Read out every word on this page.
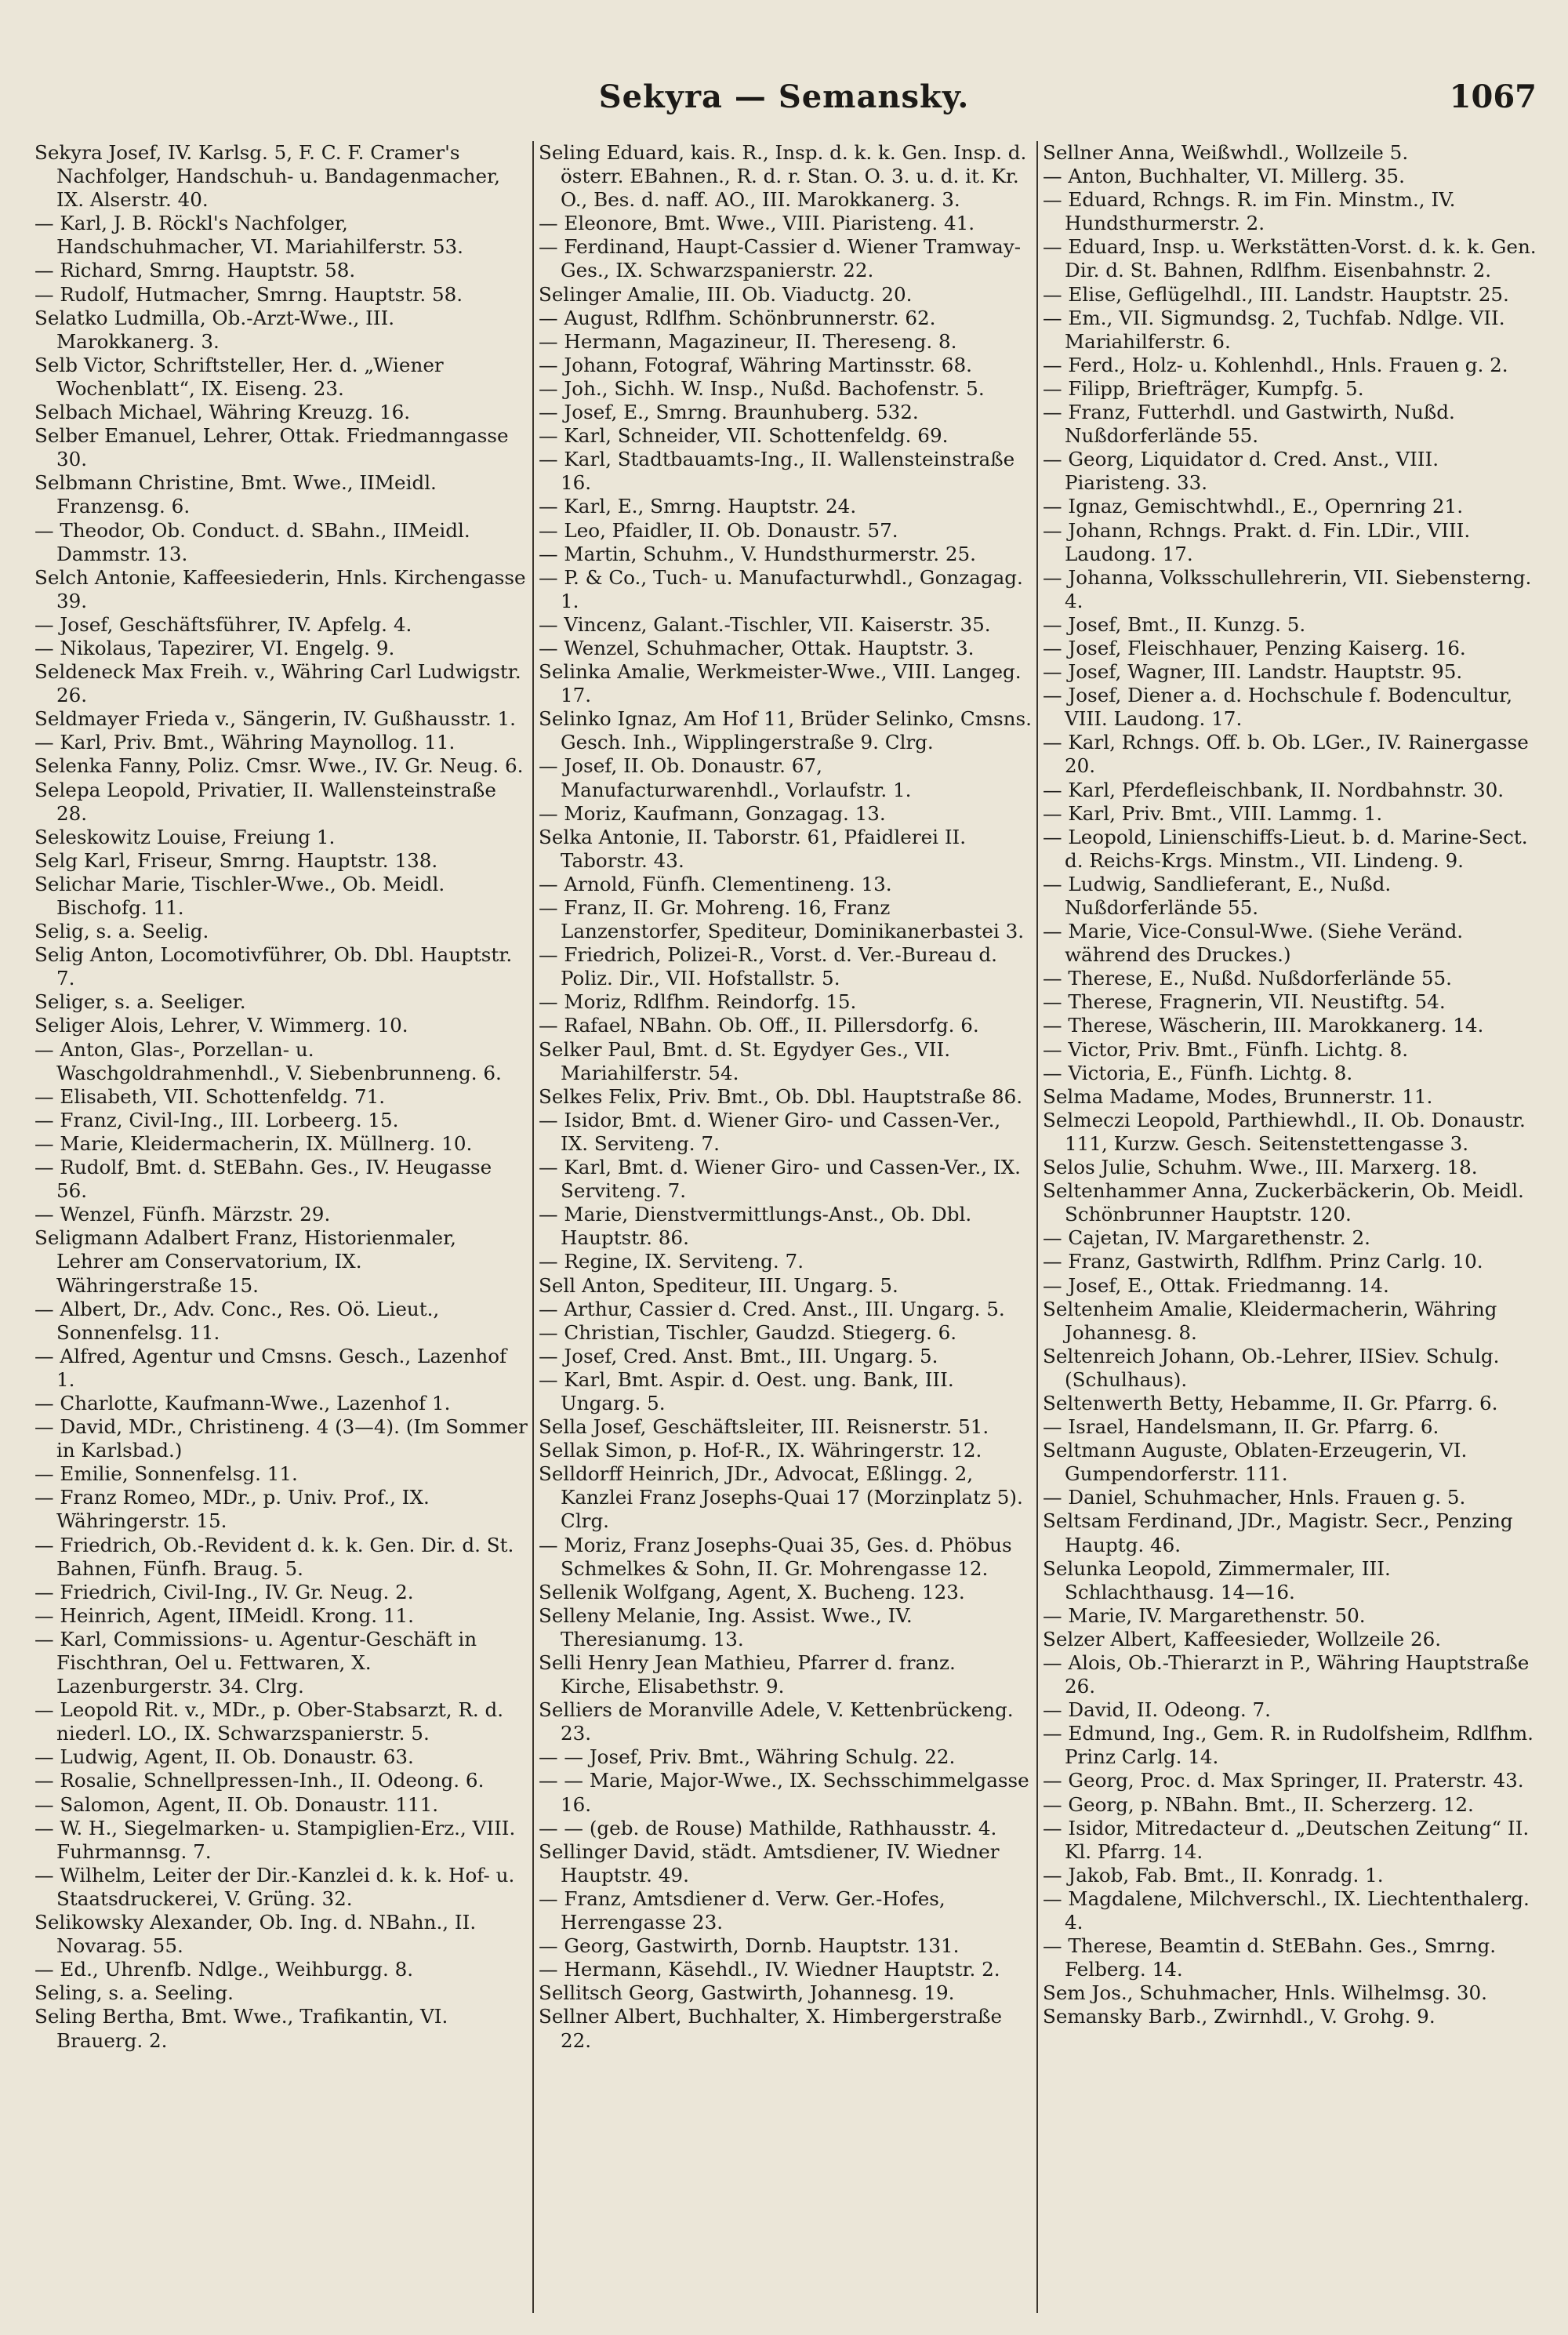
Sekyra — Semansky.	1067
Sekyra Josef, IV. Karlsg. 5, F. C. F. Cramer's Nachfolger, Handschuh- u. Bandagenmacher, IX. Alserstr. 40.
— Karl, J. B. Röckl's Nachfolger, Handschuhmacher, VI. Mariahilferstr. 53.
— Richard, Smrng. Hauptstr. 58.
— Rudolf, Hutmacher, Smrng. Hauptstr. 58.
Selatko Ludmilla, Ob.-Arzt-Wwe., III. Marokkanerg. 3.
Selb Victor, Schriftsteller, Her. d. „Wiener Wochenblatt“, IX. Eiseng. 23.
Selbach Michael, Währing Kreuzg. 16.
Selber Emanuel, Lehrer, Ottak. Friedmanngasse 30.
Selbmann Christine, Bmt. Wwe., IIMeidl. Franzensg. 6.
— Theodor, Ob. Conduct. d. SBahn., IIMeidl. Dammstr. 13.
Selch Antonie, Kaffeesiederin, Hnls. Kirchengasse 39.
— Josef, Geschäftsführer, IV. Apfelg. 4.
— Nikolaus, Tapezirer, VI. Engelg. 9.
Seldeneck Max Freih. v., Währing Carl Ludwigstr. 26.
Seldmayer Frieda v., Sängerin, IV. Gußhausstr. 1.
— Karl, Priv. Bmt., Währing Maynollog. 11.
Selenka Fanny, Poliz. Cmsr. Wwe., IV. Gr. Neug. 6.
Selepa Leopold, Privatier, II. Wallensteinstraße 28.
Seleskowitz Louise, Freiung 1.
Selg Karl, Friseur, Smrng. Hauptstr. 138.
Selichar Marie, Tischler-Wwe., Ob. Meidl. Bischofg. 11.
Selig, s. a. Seelig.
Selig Anton, Locomotivführer, Ob. Dbl. Hauptstr. 7.
Seliger, s. a. Seeliger.
Seliger Alois, Lehrer, V. Wimmerg. 10.
— Anton, Glas-, Porzellan- u. Waschgoldrahmenhdl., V. Siebenbrunneng. 6.
— Elisabeth, VII. Schottenfeldg. 71.
— Franz, Civil-Ing., III. Lorbeerg. 15.
— Marie, Kleidermacherin, IX. Müllnerg. 10.
— Rudolf, Bmt. d. StEBahn. Ges., IV. Heugasse 56.
— Wenzel, Fünfh. Märzstr. 29.
Seligmann Adalbert Franz, Historienmaler, Lehrer am Conservatorium, IX. Währingerstraße 15.
— Albert, Dr., Adv. Conc., Res. Oö. Lieut., Sonnenfelsg. 11.
— Alfred, Agentur und Cmsns. Gesch., Lazenhof 1.
— Charlotte, Kaufmann-Wwe., Lazenhof 1.
— David, MDr., Christineng. 4 (3—4). (Im Sommer in Karlsbad.)
— Emilie, Sonnenfelsg. 11.
— Franz Romeo, MDr., p. Univ. Prof., IX. Währingerstr. 15.
— Friedrich, Ob.-Revident d. k. k. Gen. Dir. d. St. Bahnen, Fünfh. Braug. 5.
— Friedrich, Civil-Ing., IV. Gr. Neug. 2.
— Heinrich, Agent, IIMeidl. Krong. 11.
— Karl, Commissions- u. Agentur-Geschäft in Fischthran, Oel u. Fettwaren, X. Lazenburgerstr. 34. Clrg.
— Leopold Rit. v., MDr., p. Ober-Stabsarzt, R. d. niederl. LO., IX. Schwarzspanierstr. 5.
— Ludwig, Agent, II. Ob. Donaustr. 63.
— Rosalie, Schnellpressen-Inh., II. Odeong. 6.
— Salomon, Agent, II. Ob. Donaustr. 111.
— W. H., Siegelmarken- u. Stampiglien-Erz., VIII. Fuhrmannsg. 7.
— Wilhelm, Leiter der Dir.-Kanzlei d. k. k. Hof- u. Staatsdruckerei, V. Grüng. 32.
Selikowsky Alexander, Ob. Ing. d. NBahn., II. Novarag. 55.
— Ed., Uhrenfb. Ndlge., Weihburgg. 8.
Seling, s. a. Seeling.
Seling Bertha, Bmt. Wwe., Trafikantin, VI. Brauerg. 2.
Seling Eduard, kais. R., Insp. d. k. k. Gen. Insp. d. österr. EBahnen., R. d. r. Stan. O. 3. u. d. it. Kr. O., Bes. d. naff. AO., III. Marokkanerg. 3.
— Eleonore, Bmt. Wwe., VIII. Piaristeng. 41.
— Ferdinand, Haupt-Cassier d. Wiener Tramway-Ges., IX. Schwarzspanierstr. 22.
Selinger Amalie, III. Ob. Viaductg. 20.
— August, Rdlfhm. Schönbrunnerstr. 62.
— Hermann, Magazineur, II. Thereseng. 8.
— Johann, Fotograf, Währing Martinsstr. 68.
— Joh., Sichh. W. Insp., Nußd. Bachofenstr. 5.
— Josef, E., Smrng. Braunhuberg. 532.
— Karl, Schneider, VII. Schottenfeldg. 69.
— Karl, Stadtbauamts-Ing., II. Wallensteinstraße 16.
— Karl, E., Smrng. Hauptstr. 24.
— Leo, Pfaidler, II. Ob. Donaustr. 57.
— Martin, Schuhm., V. Hundsthurmerstr. 25.
— P. & Co., Tuch- u. Manufacturwhdl., Gonzagag. 1.
— Vincenz, Galant.-Tischler, VII. Kaiserstr. 35.
— Wenzel, Schuhmacher, Ottak. Hauptstr. 3.
Selinka Amalie, Werkmeister-Wwe., VIII. Langeg. 17.
Selinko Ignaz, Am Hof 11, Brüder Selinko, Cmsns. Gesch. Inh., Wipplingerstraße 9. Clrg.
— Josef, II. Ob. Donaustr. 67, Manufacturwarenhdl., Vorlaufstr. 1.
— Moriz, Kaufmann, Gonzagag. 13.
Selka Antonie, II. Taborstr. 61, Pfaidlerei II. Taborstr. 43.
— Arnold, Fünfh. Clementineng. 13.
— Franz, II. Gr. Mohreng. 16, Franz Lanzenstorfer, Spediteur, Dominikanerbastei 3.
— Friedrich, Polizei-R., Vorst. d. Ver.-Bureau d. Poliz. Dir., VII. Hofstallstr. 5.
— Moriz, Rdlfhm. Reindorfg. 15.
— Rafael, NBahn. Ob. Off., II. Pillersdorfg. 6.
Selker Paul, Bmt. d. St. Egydyer Ges., VII. Mariahilferstr. 54.
Selkes Felix, Priv. Bmt., Ob. Dbl. Hauptstraße 86.
— Isidor, Bmt. d. Wiener Giro- und Cassen-Ver., IX. Serviteng. 7.
— Karl, Bmt. d. Wiener Giro- und Cassen-Ver., IX. Serviteng. 7.
— Marie, Dienstvermittlungs-Anst., Ob. Dbl. Hauptstr. 86.
— Regine, IX. Serviteng. 7.
Sell Anton, Spediteur, III. Ungarg. 5.
— Arthur, Cassier d. Cred. Anst., III. Ungarg. 5.
— Christian, Tischler, Gaudzd. Stiegerg. 6.
— Josef, Cred. Anst. Bmt., III. Ungarg. 5.
— Karl, Bmt. Aspir. d. Oest. ung. Bank, III. Ungarg. 5.
Sella Josef, Geschäftsleiter, III. Reisnerstr. 51.
Sellak Simon, p. Hof-R., IX. Währingerstr. 12.
Selldorff Heinrich, JDr., Advocat, Eßlingg. 2, Kanzlei Franz Josephs-Quai 17 (Morzinplatz 5). Clrg.
— Moriz, Franz Josephs-Quai 35, Ges. d. Phöbus Schmelkes & Sohn, II. Gr. Mohrengasse 12.
Sellenik Wolfgang, Agent, X. Bucheng. 123.
Selleny Melanie, Ing. Assist. Wwe., IV. Theresianumg. 13.
Selli Henry Jean Mathieu, Pfarrer d. franz. Kirche, Elisabethstr. 9.
Selliers de Moranville Adele, V. Kettenbrückeng. 23.
— — Josef, Priv. Bmt., Währing Schulg. 22.
— — Marie, Major-Wwe., IX. Sechsschimmelgasse 16.
— — (geb. de Rouse) Mathilde, Rathhausstr. 4.
Sellinger David, städt. Amtsdiener, IV. Wiedner Hauptstr. 49.
— Franz, Amtsdiener d. Verw. Ger.-Hofes, Herrengasse 23.
— Georg, Gastwirth, Dornb. Hauptstr. 131.
— Hermann, Käsehdl., IV. Wiedner Hauptstr. 2.
Sellitsch Georg, Gastwirth, Johannesg. 19.
Sellner Albert, Buchhalter, X. Himbergerstraße 22.
Sellner Anna, Weißwhdl., Wollzeile 5.
— Anton, Buchhalter, VI. Millerg. 35.
— Eduard, Rchngs. R. im Fin. Minstm., IV. Hundsthurmerstr. 2.
— Eduard, Insp. u. Werkstätten-Vorst. d. k. k. Gen. Dir. d. St. Bahnen, Rdlfhm. Eisenbahnstr. 2.
— Elise, Geflügelhdl., III. Landstr. Hauptstr. 25.
— Em., VII. Sigmundsg. 2, Tuchfab. Ndlge. VII. Mariahilferstr. 6.
— Ferd., Holz- u. Kohlenhdl., Hnls. Frauen g. 2.
— Filipp, Briefträger, Kumpfg. 5.
— Franz, Futterhdl. und Gastwirth, Nußd. Nußdorferlände 55.
— Georg, Liquidator d. Cred. Anst., VIII. Piaristeng. 33.
— Ignaz, Gemischtwhdl., E., Opernring 21.
— Johann, Rchngs. Prakt. d. Fin. LDir., VIII. Laudong. 17.
— Johanna, Volksschullehrerin, VII. Siebensterng. 4.
— Josef, Bmt., II. Kunzg. 5.
— Josef, Fleischhauer, Penzing Kaiserg. 16.
— Josef, Wagner, III. Landstr. Hauptstr. 95.
— Josef, Diener a. d. Hochschule f. Bodencultur, VIII. Laudong. 17.
— Karl, Rchngs. Off. b. Ob. LGer., IV. Rainergasse 20.
— Karl, Pferdefleischbank, II. Nordbahnstr. 30.
— Karl, Priv. Bmt., VIII. Lammg. 1.
— Leopold, Linienschiffs-Lieut. b. d. Marine-Sect. d. Reichs-Krgs. Minstm., VII. Lindeng. 9.
— Ludwig, Sandlieferant, E., Nußd. Nußdorferlände 55.
— Marie, Vice-Consul-Wwe. (Siehe Veränd. während des Druckes.)
— Therese, E., Nußd. Nußdorferlände 55.
— Therese, Fragnerin, VII. Neustiftg. 54.
— Therese, Wäscherin, III. Marokkanerg. 14.
— Victor, Priv. Bmt., Fünfh. Lichtg. 8.
— Victoria, E., Fünfh. Lichtg. 8.
Selma Madame, Modes, Brunnerstr. 11.
Selmeczi Leopold, Parthiewhdl., II. Ob. Donaustr. 111, Kurzw. Gesch. Seitenstettengasse 3.
Selos Julie, Schuhm. Wwe., III. Marxerg. 18.
Seltenhammer Anna, Zuckerbäckerin, Ob. Meidl. Schönbrunner Hauptstr. 120.
— Cajetan, IV. Margarethenstr. 2.
— Franz, Gastwirth, Rdlfhm. Prinz Carlg. 10.
— Josef, E., Ottak. Friedmanng. 14.
Seltenheim Amalie, Kleidermacherin, Währing Johannesg. 8.
Seltenreich Johann, Ob.-Lehrer, IISiev. Schulg. (Schulhaus).
Seltenwerth Betty, Hebamme, II. Gr. Pfarrg. 6.
— Israel, Handelsmann, II. Gr. Pfarrg. 6.
Seltmann Auguste, Oblaten-Erzeugerin, VI. Gumpendorferstr. 111.
— Daniel, Schuhmacher, Hnls. Frauen g. 5.
Seltsam Ferdinand, JDr., Magistr. Secr., Penzing Hauptg. 46.
Selunka Leopold, Zimmermaler, III. Schlachthausg. 14—16.
— Marie, IV. Margarethenstr. 50.
Selzer Albert, Kaffeesieder, Wollzeile 26.
— Alois, Ob.-Thierarzt in P., Währing Hauptstraße 26.
— David, II. Odeong. 7.
— Edmund, Ing., Gem. R. in Rudolfsheim, Rdlfhm. Prinz Carlg. 14.
— Georg, Proc. d. Max Springer, II. Praterstr. 43.
— Georg, p. NBahn. Bmt., II. Scherzerg. 12.
— Isidor, Mitredacteur d. „Deutschen Zeitung“ II. Kl. Pfarrg. 14.
— Jakob, Fab. Bmt., II. Konradg. 1.
— Magdalene, Milchverschl., IX. Liechtenthalerg. 4.
— Therese, Beamtin d. StEBahn. Ges., Smrng. Felberg. 14.
Sem Jos., Schuhmacher, Hnls. Wilhelmsg. 30.
Semansky Barb., Zwirnhdl., V. Grohg. 9.
